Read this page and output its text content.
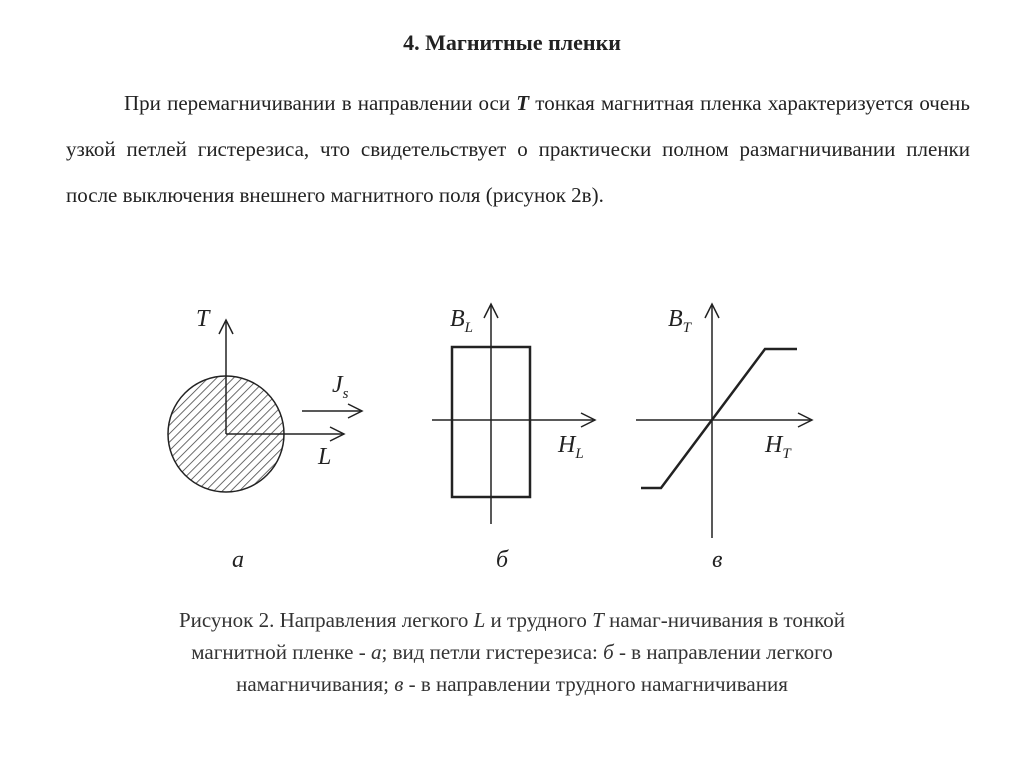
4. Магнитные пленки
При перемагничивании в направлении оси Т тонкая магнитная пленка характеризуется очень узкой петлей гистерезиса, что свидетельствует о практически полном размагничивании пленки после выключения внешнего магнитного поля (рисунок 2в).
T
$J_s$
L
а
$B_L$
$H_L$
б
$B_T$
$H_T$
в
Рисунок 2. Направления легкого L и трудного T намаг-ничивания в тонкой магнитной пленке - а; вид петли гистерезиса: б - в направлении легкого намагничивания; в - в направлении трудного намагничивания
